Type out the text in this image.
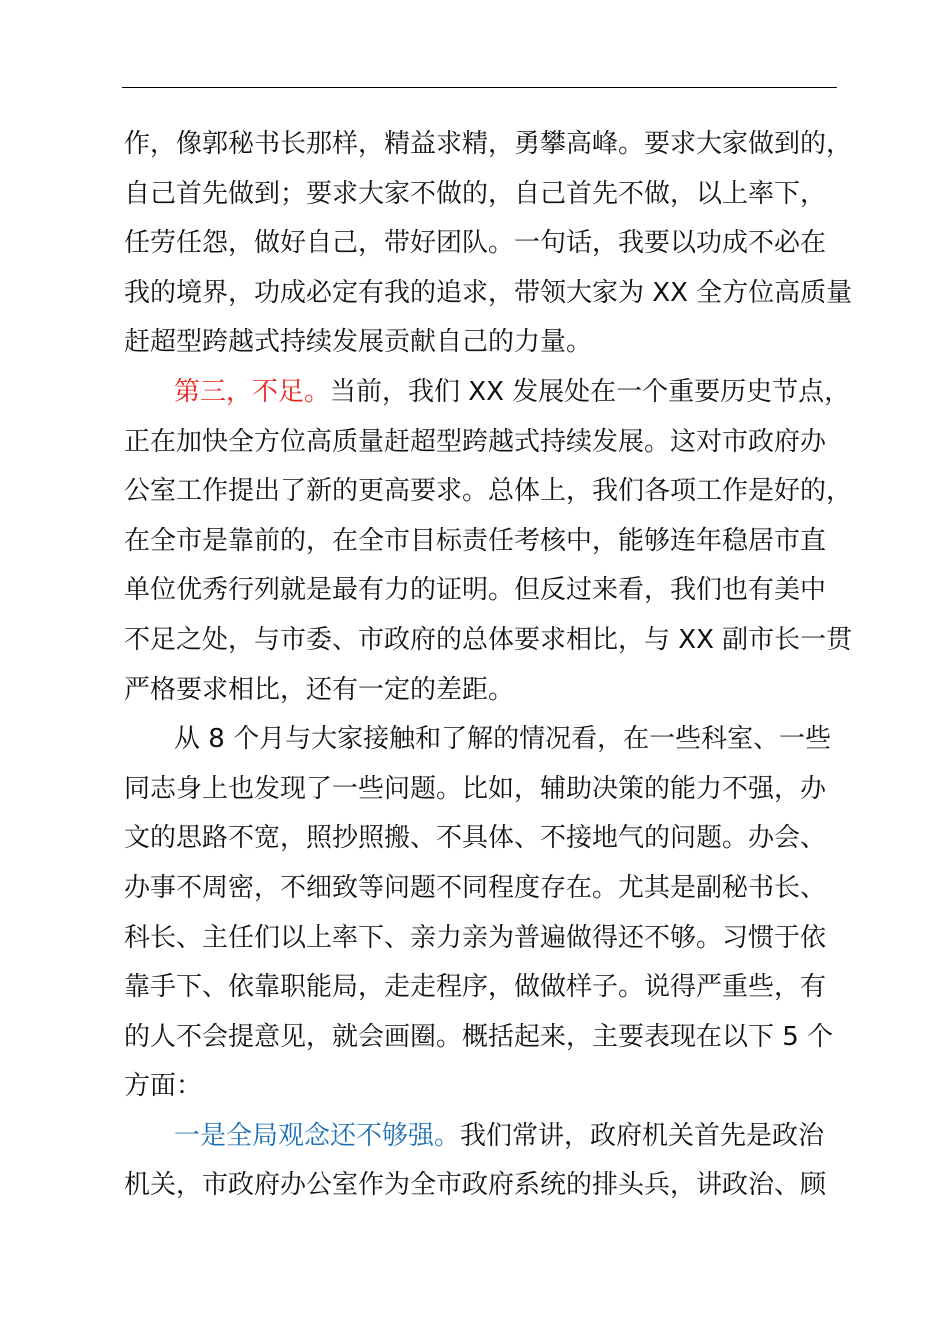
作，像郭秘书长那样，精益求精，勇攀高峰。要求大家做到的，
自己首先做到；要求大家不做的，自己首先不做，以上率下，
任劳任怨，做好自己，带好团队。一句话，我要以功成不必在
我的境界，功成必定有我的追求，带领大家为 XX 全方位高质量
赶超型跨越式持续发展贡献自己的力量。
第三，不足。当前，我们 XX 发展处在一个重要历史节点，
正在加快全方位高质量赶超型跨越式持续发展。这对市政府办
公室工作提出了新的更高要求。总体上，我们各项工作是好的，
在全市是靠前的，在全市目标责任考核中，能够连年稳居市直
单位优秀行列就是最有力的证明。但反过来看，我们也有美中
不足之处，与市委、市政府的总体要求相比，与 XX 副市长一贯
严格要求相比，还有一定的差距。
从 8 个月与大家接触和了解的情况看，在一些科室、一些
同志身上也发现了一些问题。比如，辅助决策的能力不强，办
文的思路不宽，照抄照搬、不具体、不接地气的问题。办会、
办事不周密，不细致等问题不同程度存在。尤其是副秘书长、
科长、主任们以上率下、亲力亲为普遍做得还不够。习惯于依
靠手下、依靠职能局，走走程序，做做样子。说得严重些，有
的人不会提意见，就会画圈。概括起来，主要表现在以下 5 个
方面：
一是全局观念还不够强。我们常讲，政府机关首先是政治
机关，市政府办公室作为全市政府系统的排头兵，讲政治、顾
